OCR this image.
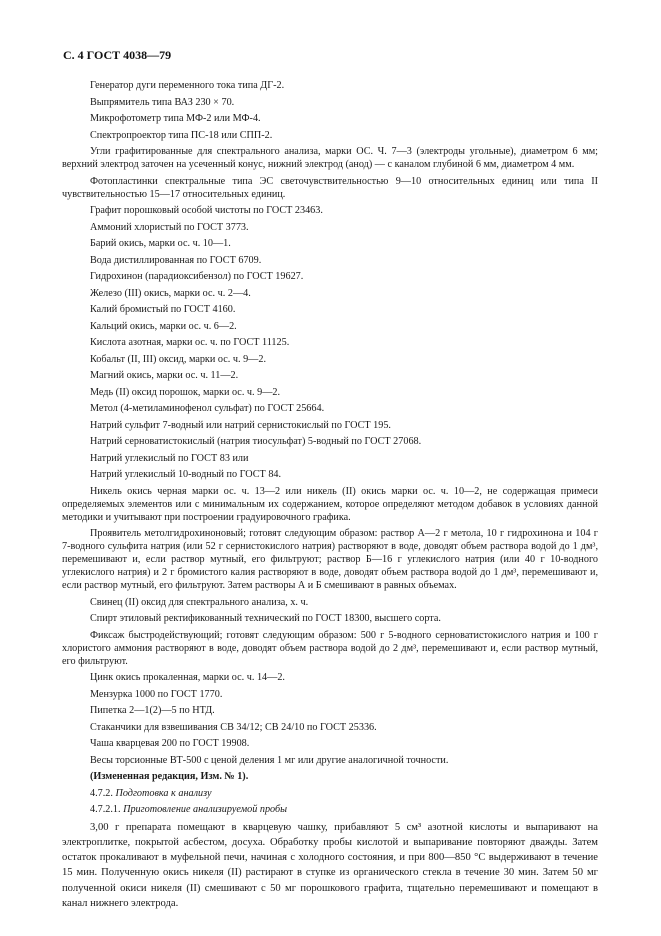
С. 4 ГОСТ 4038—79

Генератор дуги переменного тока типа ДГ-2.

Выпрямитель типа ВАЗ 230 × 70.

Микрофотометр типа МФ-2 или МФ-4.

Спектропроектор типа ПС-18 или СПП-2.

Угли графитированные для спектрального анализа, марки ОС. Ч. 7—3 (электроды угольные), диаметром 6 мм; верхний электрод заточен на усеченный конус, нижний электрод (анод) — с каналом глубиной 6 мм, диаметром 4 мм.

Фотопластинки спектральные типа ЭС светочувствительностью 9—10 относительных единиц или типа II чувствительностью 15—17 относительных единиц.

Графит порошковый особой чистоты по ГОСТ 23463.

Аммоний хлористый по ГОСТ 3773.

Барий окись, марки ос. ч. 10—1.

Вода дистиллированная по ГОСТ 6709.

Гидрохинон (парадиоксибензол) по ГОСТ 19627.

Железо (III) окись, марки ос. ч. 2—4.

Калий бромистый по ГОСТ 4160.

Кальций окись, марки ос. ч. 6—2.

Кислота азотная, марки ос. ч. по ГОСТ 11125.

Кобальт (II, III) оксид, марки ос. ч. 9—2.

Магний окись, марки ос. ч. 11—2.

Медь (II) оксид порошок, марки ос. ч. 9—2.

Метол (4-метиламинофенол сульфат) по ГОСТ 25664.

Натрий сульфит 7-водный или натрий сернистокислый по ГОСТ 195.

Натрий серноватистокислый (натрия тиосульфат) 5-водный по ГОСТ 27068.

Натрий углекислый по ГОСТ 83 или

Натрий углекислый 10-водный по ГОСТ 84.

Никель окись черная марки ос. ч. 13—2 или никель (II) окись марки ос. ч. 10—2, не содержащая примеси определяемых элементов или с минимальным их содержанием, которое определяют методом добавок в условиях данной методики и учитывают при построении градуировочного графика.

Проявитель метолгидрохиноновый; готовят следующим образом: раствор А—2 г метола, 10 г гидрохинона и 104 г 7-водного сульфита натрия (или 52 г сернистокислого натрия) растворяют в воде, доводят объем раствора водой до 1 дм³, перемешивают и, если раствор мутный, его фильтруют; раствор Б—16 г углекислого натрия (или 40 г 10-водного углекислого натрия) и 2 г бромистого калия растворяют в воде, доводят объем раствора водой до 1 дм³, перемешивают и, если раствор мутный, его фильтруют. Затем растворы А и Б смешивают в равных объемах.

Свинец (II) оксид для спектрального анализа, х. ч.

Спирт этиловый ректификованный технический по ГОСТ 18300, высшего сорта.

Фиксаж быстродействующий; готовят следующим образом: 500 г 5-водного серноватистокислого натрия и 100 г хлористого аммония растворяют в воде, доводят объем раствора водой до 2 дм³, перемешивают и, если раствор мутный, его фильтруют.

Цинк окись прокаленная, марки ос. ч. 14—2.

Мензурка 1000 по ГОСТ 1770.

Пипетка 2—1(2)—5 по НТД.

Стаканчики для взвешивания СВ 34/12; СВ 24/10 по ГОСТ 25336.

Чаша кварцевая 200 по ГОСТ 19908.

Весы торсионные ВТ-500 с ценой деления 1 мг или другие аналогичной точности.

(Измененная редакция, Изм. № 1).

4.7.2. Подготовка к анализу

4.7.2.1. Приготовление анализируемой пробы

3,00 г препарата помещают в кварцевую чашку, прибавляют 5 см³ азотной кислоты и выпаривают на электроплитке, покрытой асбестом, досуха. Обработку пробы кислотой и выпаривание повторяют дважды. Затем остаток прокаливают в муфельной печи, начиная с холодного состояния, и при 800—850 °С выдерживают в течение 15 мин. Полученную окись никеля (II) растирают в ступке из органического стекла в течение 30 мин. Затем 50 мг полученной окиси никеля (II) смешивают с 50 мг порошкового графита, тщательно перемешивают и помещают в канал нижнего электрода.
